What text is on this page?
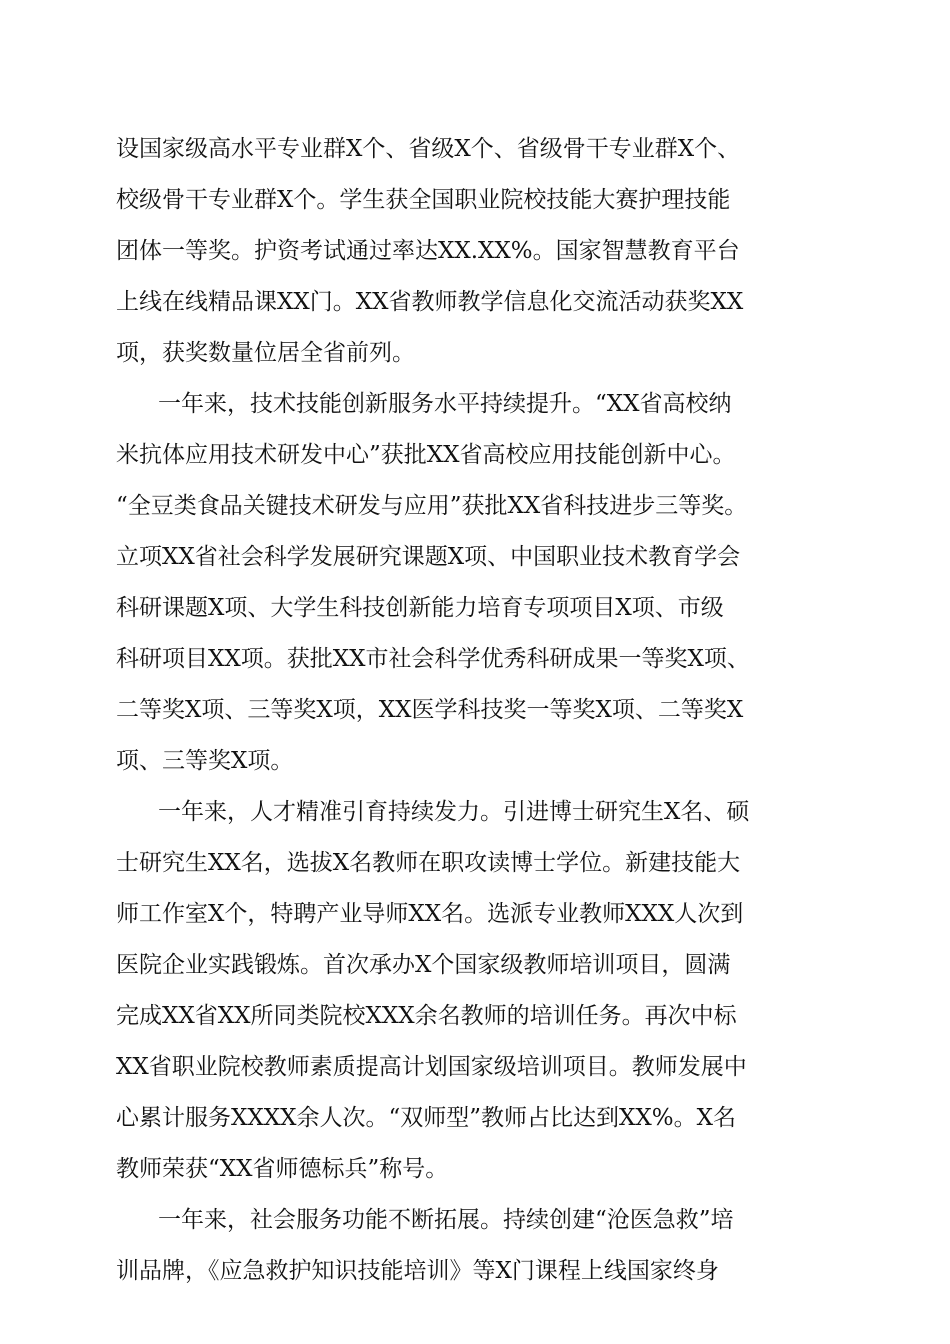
设国家级高水平专业群X个、省级X个、省级骨干专业群X个、
校级骨干专业群X个。学生获全国职业院校技能大赛护理技能
团体一等奖。护资考试通过率达XX.XX%。国家智慧教育平台
上线在线精品课XX门。XX省教师教学信息化交流活动获奖XX
项，获奖数量位居全省前列。
一年来，技术技能创新服务水平持续提升。“XX省高校纳
米抗体应用技术研发中心”获批XX省高校应用技能创新中心。
“全豆类食品关键技术研发与应用”获批XX省科技进步三等奖。
立项XX省社会科学发展研究课题X项、中国职业技术教育学会
科研课题X项、大学生科技创新能力培育专项项目X项、市级
科研项目XX项。获批XX市社会科学优秀科研成果一等奖X项、
二等奖X项、三等奖X项，XX医学科技奖一等奖X项、二等奖X
项、三等奖X项。
一年来，人才精准引育持续发力。引进博士研究生X名、硕
士研究生XX名，选拔X名教师在职攻读博士学位。新建技能大
师工作室X个，特聘产业导师XX名。选派专业教师XXX人次到
医院企业实践锻炼。首次承办X个国家级教师培训项目，圆满
完成XX省XX所同类院校XXX余名教师的培训任务。再次中标
XX省职业院校教师素质提高计划国家级培训项目。教师发展中
心累计服务XXXX余人次。“双师型”教师占比达到XX%。X名
教师荣获“XX省师德标兵”称号。
一年来，社会服务功能不断拓展。持续创建“沧医急救”培
训品牌，《应急救护知识技能培训》等X门课程上线国家终身
